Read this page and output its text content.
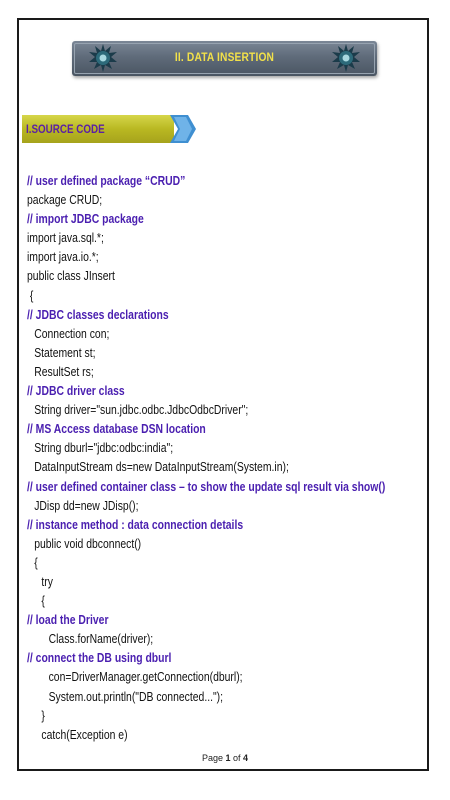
II. DATA INSERTION
I.SOURCE CODE
// user defined package “CRUD”
package CRUD;
// import JDBC package
import java.sql.*;
import java.io.*;
public class JInsert
{
// JDBC classes declarations
Connection con;
Statement st;
ResultSet rs;
// JDBC driver class
String driver="sun.jdbc.odbc.JdbcOdbcDriver";
// MS Access database DSN location
String dburl="jdbc:odbc:india";
DataInputStream ds=new DataInputStream(System.in);
// user defined container class – to show the update sql result via show()
JDisp dd=new JDisp();
// instance method : data connection details
public void dbconnect()
{
try
{
// load the Driver
Class.forName(driver);
// connect the DB using dburl
con=DriverManager.getConnection(dburl);
System.out.println("DB connected...");
}
catch(Exception e)
Page 1 of 4
